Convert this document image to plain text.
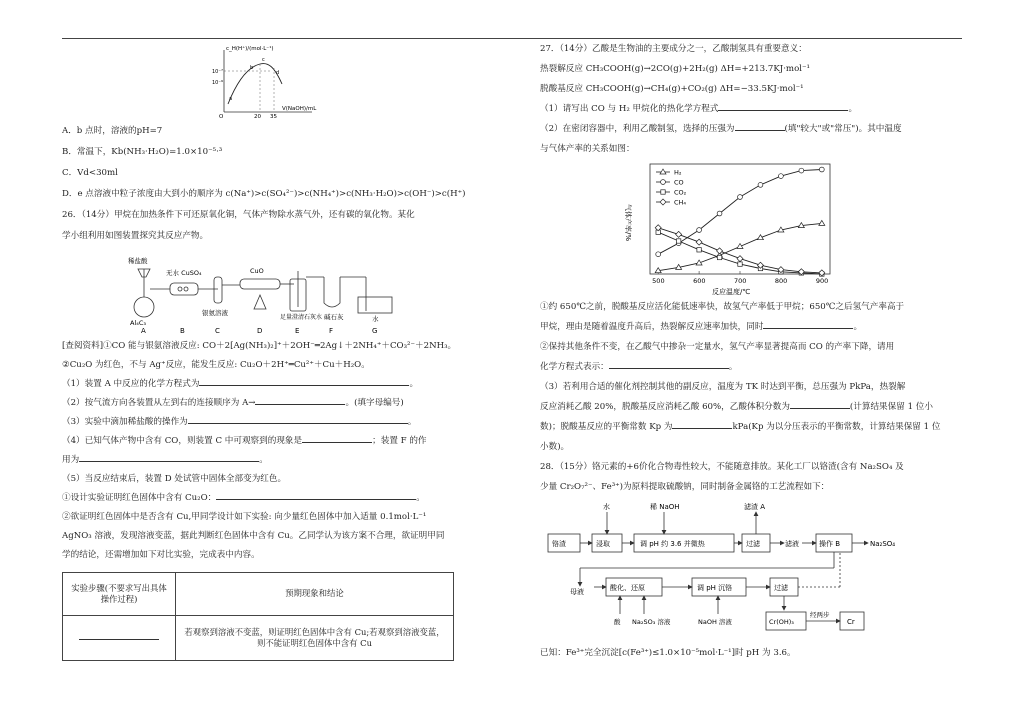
c_H(H⁺)/(mol·L⁻¹)
10⁻⁷
10⁻⁹
O	20 35
V(NaOH)/mL
a
b
c
d
A．b 点时，溶液的pH=7
B．常温下，Kb(NH₃·H₂O)=1.0×10⁻⁵·³
C．Vd<30ml
D．e 点溶液中粒子浓度由大到小的顺序为 c(Na⁺)>c(SO₄²⁻)>c(NH₄⁺)>c(NH₃·H₂O)>c(OH⁻)>c(H⁺)
26．（14分）甲烷在加热条件下可还原氧化铜，气体产物除水蒸气外，还有碳的氧化物。某化
学小组利用如图装置探究其反应产物。
稀盐酸
无水 CuSO₄	CuO
Al₄C₃
银氨溶液
足量澄清石灰水 碱石灰	水
A	B	C	D	E	F	G
[查阅资料]①CO 能与银氨溶液反应: CO＋2[Ag(NH₃)₂]⁺＋2OH⁻═2Ag↓＋2NH₄⁺＋CO₃²⁻＋2NH₃。
②Cu₂O 为红色，不与 Ag⁺反应，能发生反应: Cu₂O＋2H⁺═Cu²⁺＋Cu＋H₂O。
（1）装置 A 中反应的化学方程式为	。
（2）按气流方向各装置从左到右的连接顺序为 A→	。(填字母编号)
（3）实验中滴加稀盐酸的操作为	。
（4）已知气体产物中含有 CO，则装置 C 中可观察到的现象是	；装置 F 的作
用为	。
（5）当反应结束后，装置 D 处试管中固体全部变为红色。
①设计实验证明红色固体中含有 Cu₂O：	。
②欲证明红色固体中是否含有 Cu,甲同学设计如下实验: 向少量红色固体中加入适量 0.1mol·L⁻¹
AgNO₃ 溶液，发现溶液变蓝，据此判断红色固体中含有 Cu。乙同学认为该方案不合理，欲证明甲同
学的结论，还需增加如下对比实验，完成表中内容。
实验步骤(不要求写出具体操作过程)	预期现象和结论
	若观察到溶液不变蓝，则证明红色固体中含有 Cu;若观察到溶液变蓝，则不能证明红色固体中含有 Cu
27．（14分）乙酸是生物油的主要成分之一，乙酸制氢具有重要意义：
热裂解反应 CH₃COOH(g)→2CO(g)+2H₂(g) ΔH=+213.7KJ·mol⁻¹
脱酸基反应 CH₃COOH(g)→CH₄(g)+CO₂(g) ΔH=−33.5KJ·mol⁻¹
（1）请写出 CO 与 H₂ 甲烷化的热化学方程式	。
（2）在密闭容器中，利用乙酸制氢，选择的压强为	(填"较大"或"常压")。其中温度
与气体产率的关系如图：
气体产率/%
反应温度/℃
500	600	700	800	900
H₂
CO
CO₂
CH₄
①约 650℃之前，脱酸基反应活化能低速率快，故氢气产率低于甲烷；650℃之后氢气产率高于
甲烷，理由是随着温度升高后，热裂解反应速率加快，同时	。
②保持其他条件不变，在乙酸气中掺杂一定量水，氢气产率显著提高而 CO 的产率下降，请用
化学方程式表示：	。
（3）若利用合适的催化剂控制其他的副反应，温度为 TK 时达到平衡，总压强为 PkPa，热裂解
反应消耗乙酸 20%，脱酸基反应消耗乙酸 60%，乙酸体积分数为	(计算结果保留 1 位小
数)；脱酸基反应的平衡常数 Kp 为	kPa(Kp 为以分压表示的平衡常数，计算结果保留 1 位
小数)。
28．（15分）铬元素的+6价化合物毒性较大，不能随意排放。某化工厂以铬渣(含有 Na₂SO₄ 及
少量 Cr₂O₇²⁻、Fe³⁺)为原料提取硫酸钠，同时制备金属铬的工艺流程如下：
水	稀 NaOH	滤渣 A
铬渣	浸取	调 pH 约 3.6 并微热	过滤	滤液	操作 B	Na₂SO₄
母液	酸化、还原	调 pH 沉铬	过滤
酸 Na₂SO₃ 溶液	NaOH 溶液	Cr(OH)₃
经两步
Cr
已知：Fe³⁺完全沉淀[c(Fe³⁺)≤1.0×10⁻⁵mol·L⁻¹]时 pH 为 3.6。
